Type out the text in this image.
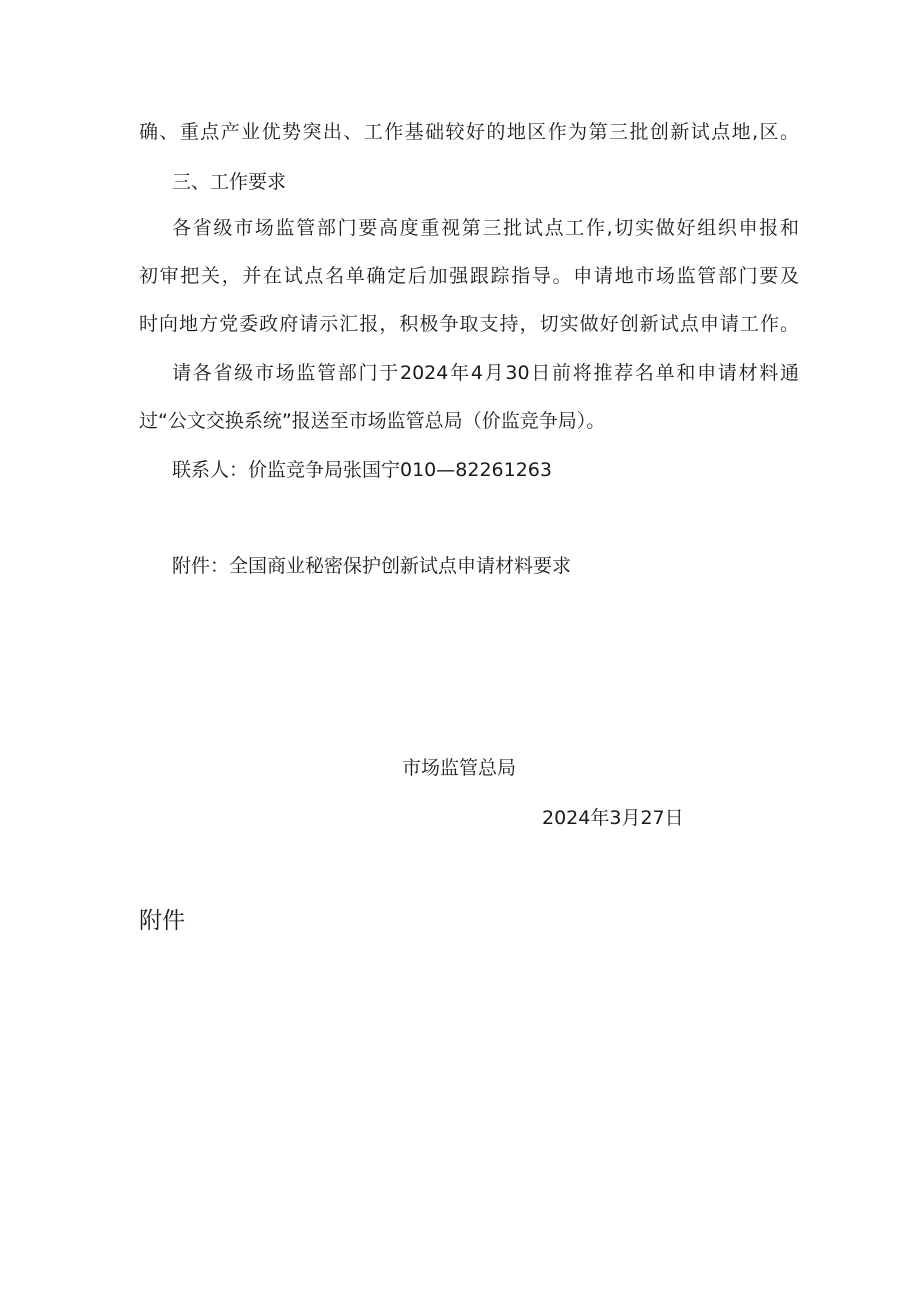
确、重点产业优势突出、工作基础较好的地区作为第三批创新试点地,区。
三、工作要求
各省级市场监管部门要高度重视第三批试点工作,切实做好组织申报和
初审把关，并在试点名单确定后加强跟踪指导。申请地市场监管部门要及
时向地方党委政府请示汇报，积极争取支持，切实做好创新试点申请工作。
请各省级市场监管部门于2024年4月30日前将推荐名单和申请材料通
过“公文交换系统”报送至市场监管总局（价监竞争局）。
联系人：价监竞争局张国宁010—82261263
附件：全国商业秘密保护创新试点申请材料要求
市场监管总局
2024年3月27日
附件
